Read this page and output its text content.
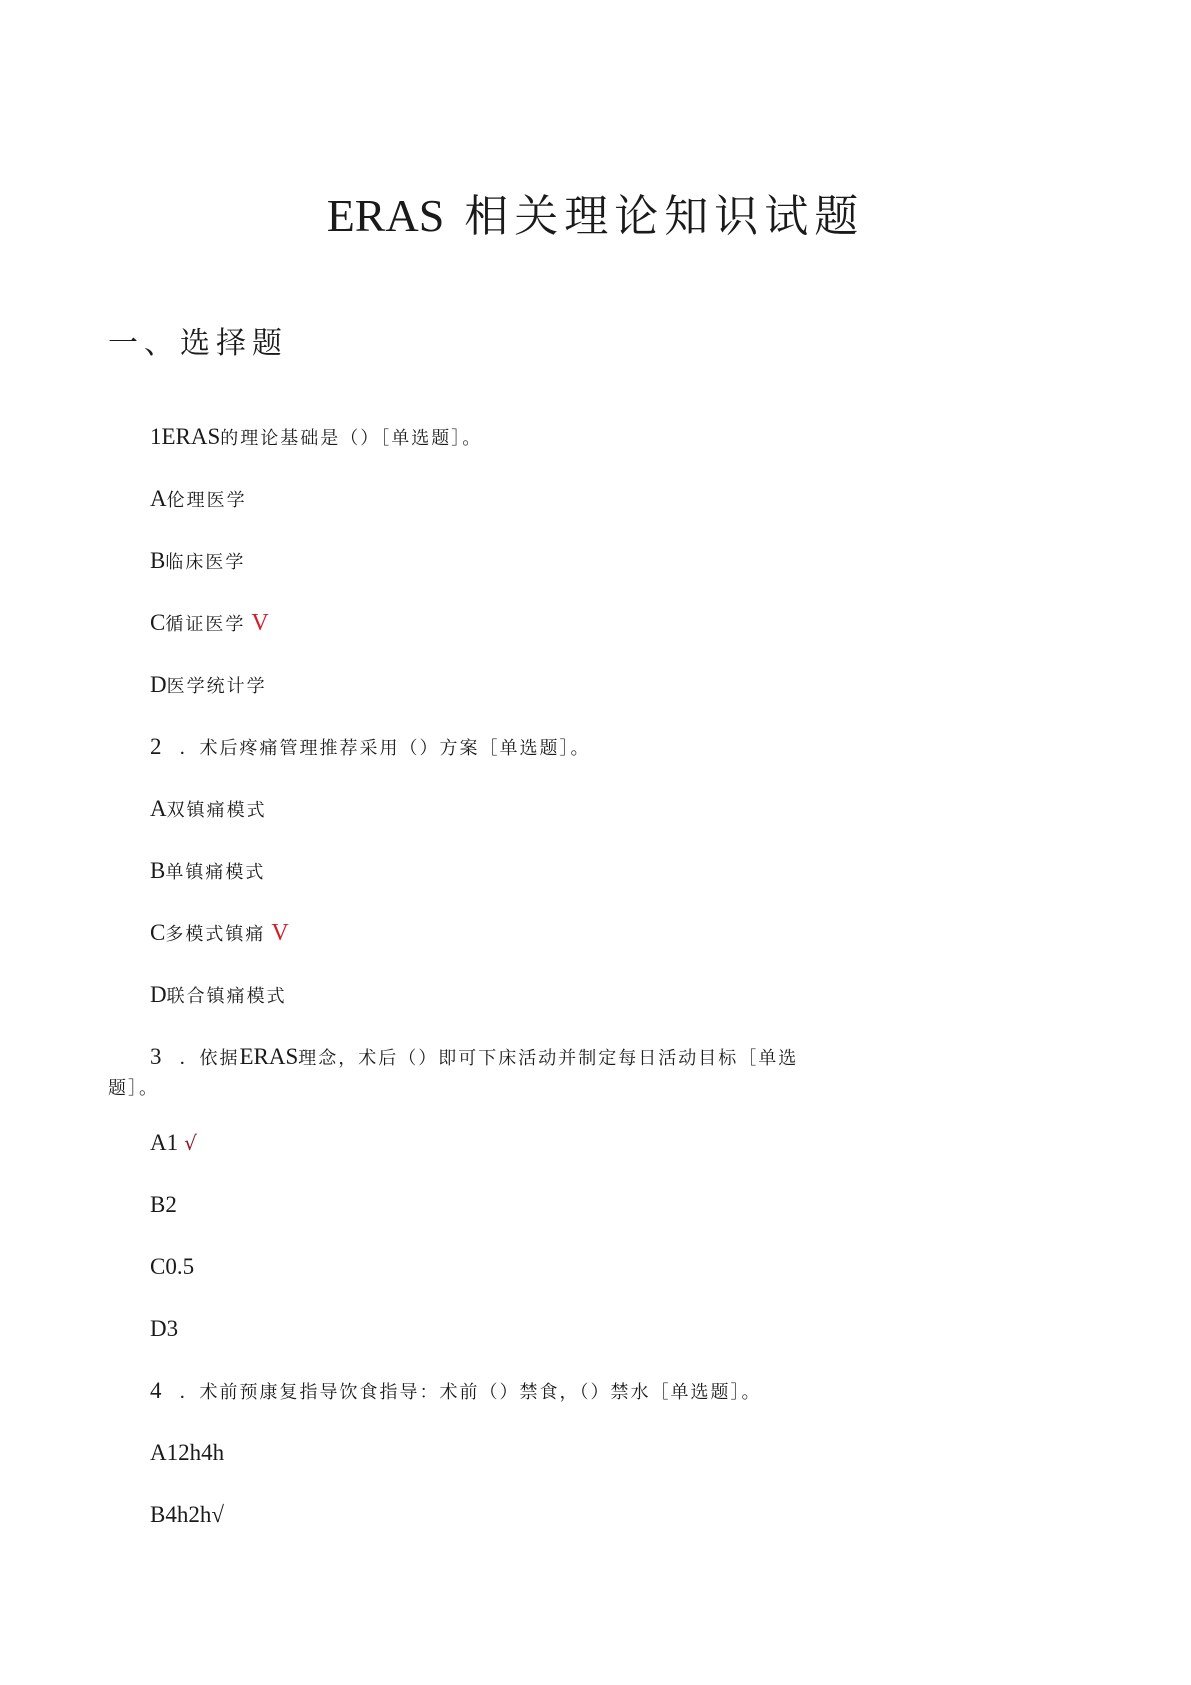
ERAS 相关理论知识试题
一、选择题
1ERAS的理论基础是（）［单选题］。
A伦理医学
B临床医学
C循证医学 V
D医学统计学
2 ．术后疼痛管理推荐采用（）方案［单选题］。
A双镇痛模式
B单镇痛模式
C多模式镇痛 V
D联合镇痛模式
3 ．依据ERAS理念，术后（）即可下床活动并制定每日活动目标［单选
题］。
A1 √
B2
C0.5
D3
4 ．术前预康复指导饮食指导：术前（）禁食，（）禁水［单选题］。
A12h4h
B4h2h√
